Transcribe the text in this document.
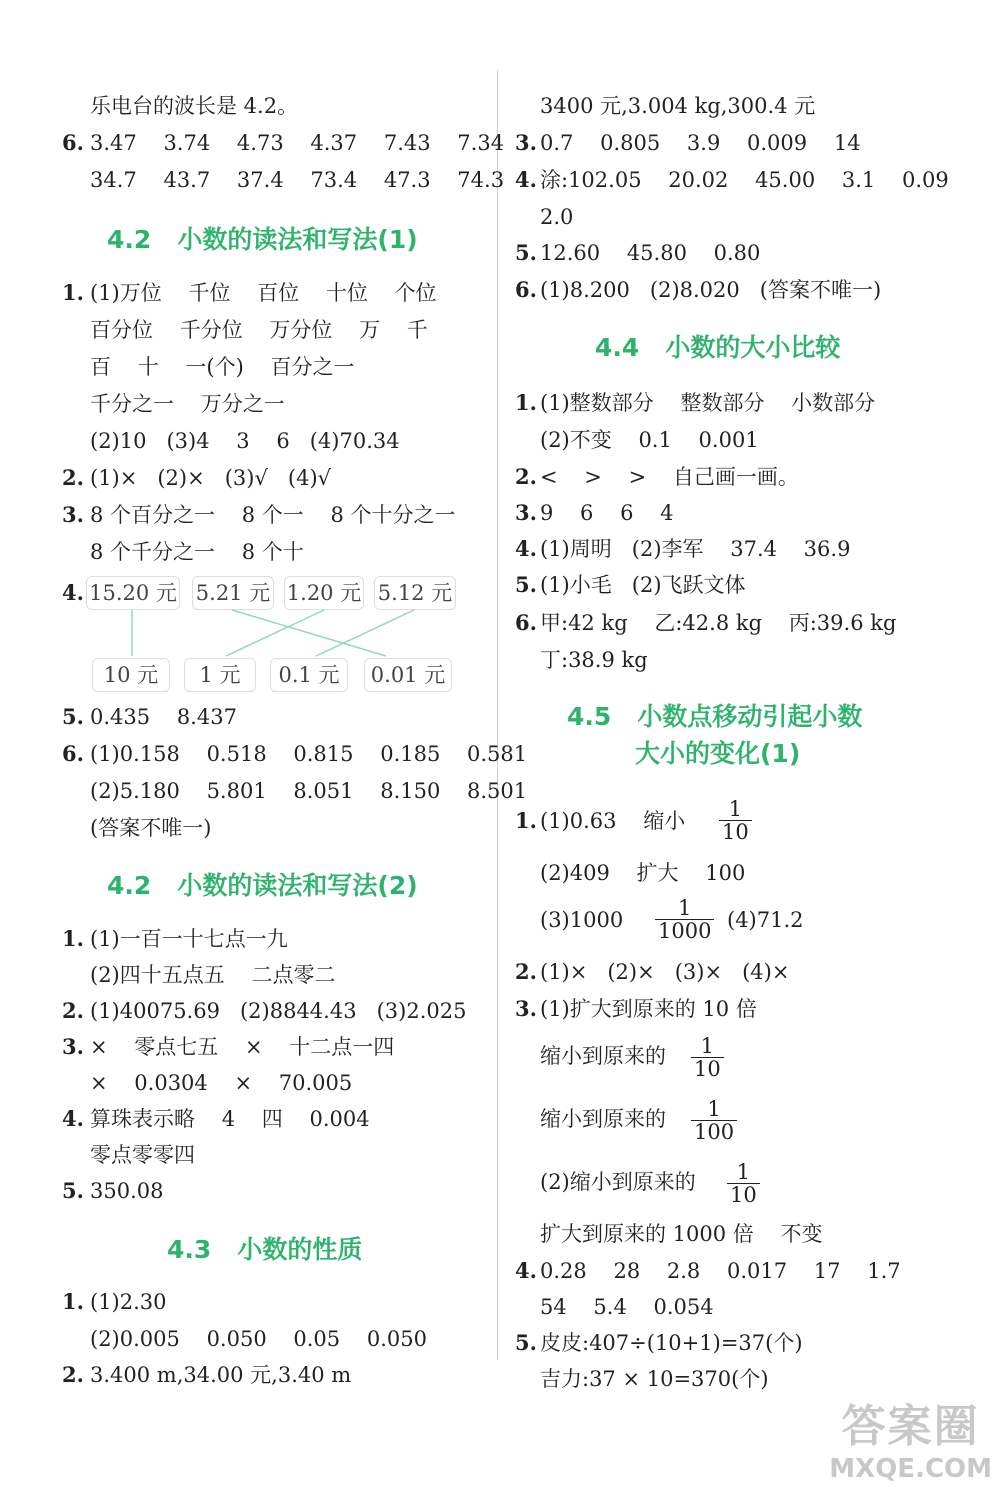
乐电台的波长是 4.2。
6. 3.47    3.74    4.73    4.37    7.43    7.34
34.7    43.7    37.4    73.4    47.3    74.3
4.2   小数的读法和写法(1)
1. (1)万位    千位    百位    十位    个位
百分位    千分位    万分位    万    千
百    十    一(个)    百分之一
千分之一    万分之一
(2)10   (3)4    3    6   (4)70.34
2. (1)×   (2)×   (3)√   (4)√
3. 8 个百分之一    8 个一    8 个十分之一
8 个千分之一    8 个十
4. 15.20 元 5.21 元 1.20 元 5.12 元
10 元	1 元	0.1 元	0.01 元
5. 0.435    8.437
6. (1)0.158    0.518    0.815    0.185    0.581
(2)5.180    5.801    8.051    8.150    8.501
(答案不唯一)
4.2   小数的读法和写法(2)
1. (1)一百一十七点一九
(2)四十五点五    二点零二
2. (1)40075.69   (2)8844.43   (3)2.025
3. ×    零点七五    ×    十二点一四
×    0.0304    ×    70.005
4. 算珠表示略    4    四    0.004
零点零零四
5. 350.08
4.3   小数的性质
1. (1)2.30
(2)0.005    0.050    0.05    0.050
2. 3.400 m,34.00 元,3.40 m
3400 元,3.004 kg,300.4 元
3. 0.7    0.805    3.9    0.009    14
4. 涂:102.05    20.02    45.00    3.1    0.09
2.0
5. 12.60    45.80    0.80
6. (1)8.200   (2)8.020   (答案不唯一)
4.4   小数的大小比较
1. (1)整数部分    整数部分    小数部分
(2)不变    0.1    0.001
2. <    >    >    自己画一画。
3. 9    6    6    4
4. (1)周明   (2)李军    37.4    36.9
5. (1)小毛   (2)飞跃文体
6. 甲:42 kg    乙:42.8 kg    丙:39.6 kg
丁:38.9 kg
4.5   小数点移动引起小数
大小的变化(1)
1. (1)0.63    缩小 $\frac{1}{10}$
(2)409    扩大    100
$(3)1000 \frac{1}{1000} (4)71.2$
2. (1)×   (2)×   (3)×   (4)×
3. (1)扩大到原来的 10 倍
缩小到原来的 $\frac{1}{10}$
缩小到原来的 $\frac{1}{100}$
(2)缩小到原来的 $\frac{1}{10}$
扩大到原来的 1000 倍    不变
4. 0.28    28    2.8    0.017    17    1.7
54    5.4    0.054
5. 皮皮:407÷(10+1)=37(个)
吉力:37 × 10=370(个)
答案圈
MXQE.COM
